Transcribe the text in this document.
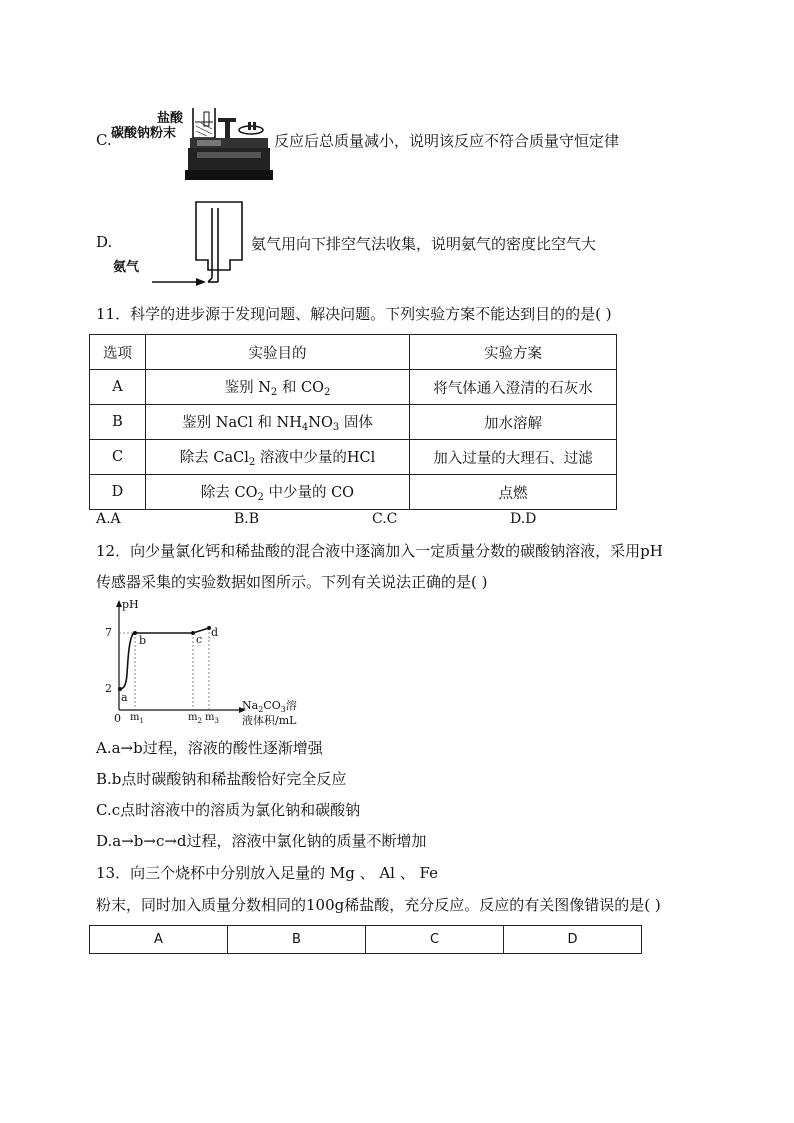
C.
盐酸
碳酸钠粉末	反应后总质量减小，说明该反应不符合质量守恒定律
D.
氨气
氨气用向下排空气法收集，说明氨气的密度比空气大
11．科学的进步源于发现问题、解决问题。下列实验方案不能达到目的的是( )
选项	实验目的	实验方案
A	鉴别 $N_2$ 和 $CO_2$	将气体通入澄清的石灰水
B	鉴别 NaCl 和 $NH_4NO_3$ 固体	加水溶解
C	除去 CaCl$_2$ 溶液中少量的HCl	加入过量的大理石、过滤
D	除去 $CO_2$ 中少量的 CO	点燃
A.A	B.B	C.C	D.D
12．向少量氯化钙和稀盐酸的混合液中逐滴加入一定质量分数的碳酸钠溶液，采用pH
传感器采集的实验数据如图所示。下列有关说法正确的是( )
pH
7
2
0
a
b	c
d
$m_1$	$m_2$ $m_3$
$Na_2CO_3$溶
液体积/mL
A.a→b过程，溶液的酸性逐渐增强
B.b点时碳酸钠和稀盐酸恰好完全反应
C.c点时溶液中的溶质为氯化钠和碳酸钠
D.a→b→c→d过程，溶液中氯化钠的质量不断增加
13．向三个烧杯中分别放入足量的 Mg 、 Al 、 Fe
粉末，同时加入质量分数相同的100g稀盐酸，充分反应。反应的有关图像错误的是( )
A	B	C	D
